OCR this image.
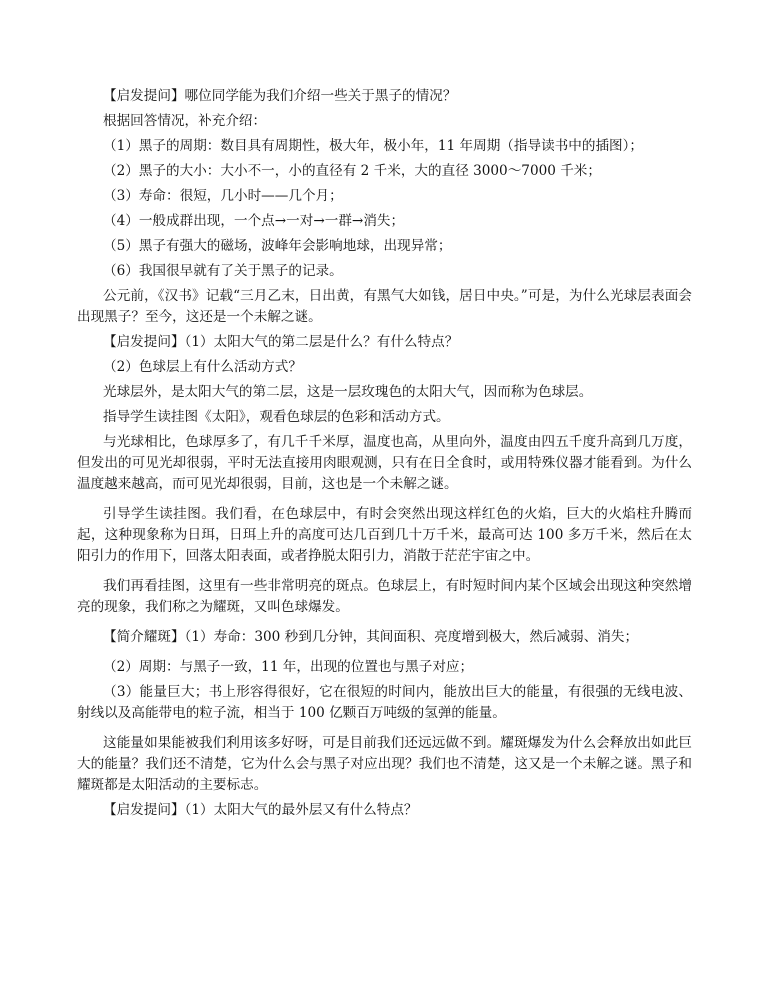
【启发提问】哪位同学能为我们介绍一些关于黑子的情况？

根据回答情况，补充介绍：

（1）黑子的周期：数目具有周期性，极大年，极小年，11 年周期（指导读书中的插图）；

（2）黑子的大小：大小不一，小的直径有 2 千米，大的直径 3000～7000 千米；

（3）寿命：很短，几小时——几个月；

（4）一般成群出现，一个点→一对→一群→消失；

（5）黑子有强大的磁场，波峰年会影响地球，出现异常；

（6）我国很早就有了关于黑子的记录。

公元前，《汉书》记载“三月乙末，日出黄，有黑气大如钱，居日中央。”可是，为什么光球层表面会出现黑子？至今，这还是一个未解之谜。

【启发提问】（1）太阳大气的第二层是什么？有什么特点？

（2）色球层上有什么活动方式？

光球层外，是太阳大气的第二层，这是一层玫瑰色的太阳大气，因而称为色球层。

指导学生读挂图《太阳》，观看色球层的色彩和活动方式。

与光球相比，色球厚多了，有几千千米厚，温度也高，从里向外，温度由四五千度升高到几万度，但发出的可见光却很弱，平时无法直接用肉眼观测，只有在日全食时，或用特殊仪器才能看到。为什么温度越来越高，而可见光却很弱，目前，这也是一个未解之谜。

引导学生读挂图。我们看，在色球层中，有时会突然出现这样红色的火焰，巨大的火焰柱升腾而起，这种现象称为日珥，日珥上升的高度可达几百到几十万千米，最高可达 100 多万千米，然后在太阳引力的作用下，回落太阳表面，或者挣脱太阳引力，消散于茫茫宇宙之中。

我们再看挂图，这里有一些非常明亮的斑点。色球层上，有时短时间内某个区域会出现这种突然增亮的现象，我们称之为耀斑，又叫色球爆发。

【简介耀斑】（1）寿命：300 秒到几分钟，其间面积、亮度增到极大，然后减弱、消失；

（2）周期：与黑子一致，11 年，出现的位置也与黑子对应；

（3）能量巨大；书上形容得很好，它在很短的时间内，能放出巨大的能量，有很强的无线电波、射线以及高能带电的粒子流，相当于 100 亿颗百万吨级的氢弹的能量。

这能量如果能被我们利用该多好呀，可是目前我们还远远做不到。耀斑爆发为什么会释放出如此巨大的能量？我们还不清楚，它为什么会与黑子对应出现？我们也不清楚，这又是一个未解之谜。黑子和耀斑都是太阳活动的主要标志。

【启发提问】（1）太阳大气的最外层又有什么特点？
